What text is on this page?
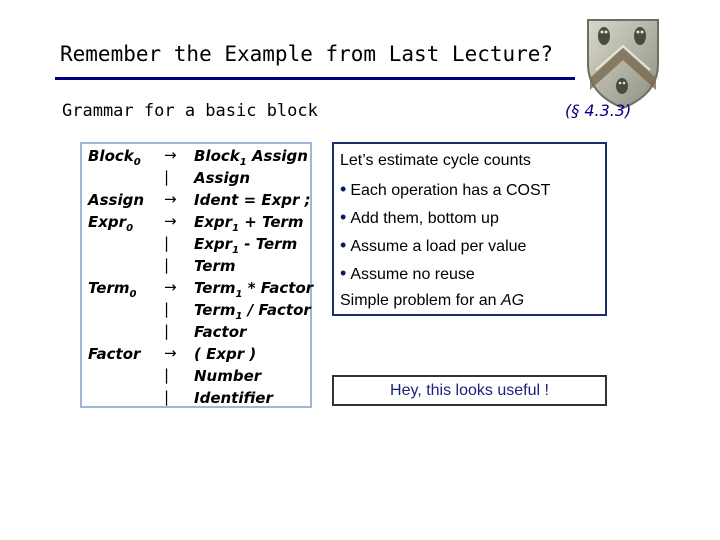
Remember the Example from Last Lecture?
Grammar for a basic block	(§ 4.3.3)
Block$_0$ → Block$_1$ Assign
| Assign
Assign → Ident = Expr ;
Expr$_0$ → Expr$_1$ + Term
| Expr$_1$ - Term
| Term
Term$_0$ → Term$_1$ * Factor
| Term$_1$ / Factor
| Factor
Factor → ( Expr )
| Number
| Identifier
Let’s estimate cycle counts
• Each operation has a COST
• Add them, bottom up
• Assume a load per value
• Assume no reuse
Simple problem for an AG
Hey, this looks useful !
